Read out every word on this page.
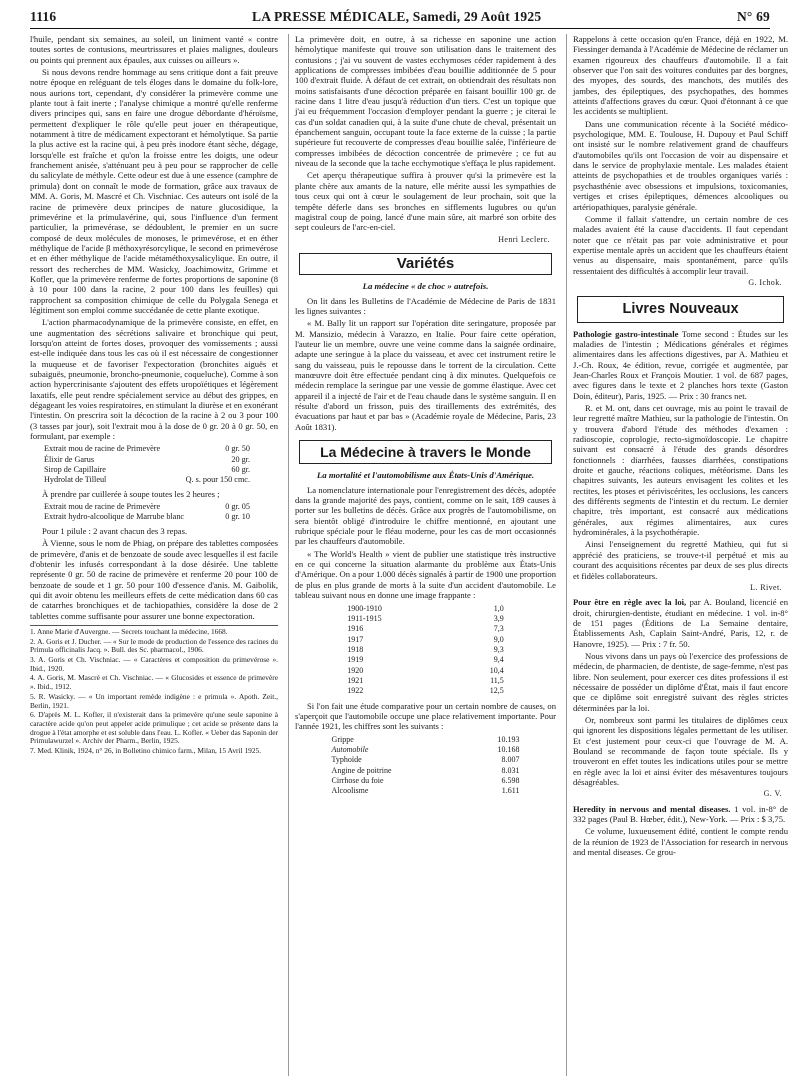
1116	LA PRESSE MÉDICALE, Samedi, 29 Août 1925	N° 69

l'huile, pendant six semaines, au soleil, un liniment vanté « contre toutes sortes de contusions, meurtrissures et plaies malignes, douleurs ou points qui prennent aux épaules, aux cuisses ou ailleurs ».

Si nous devons rendre hommage au sens critique dont a fait preuve notre époque en reléguant de tels éloges dans le domaine du folk-lore, nous aurions tort, cependant, d'y considérer la primevère comme une plante tout à fait inerte ; l'analyse chimique a montré qu'elle renferme divers principes qui, sans en faire une drogue débordante d'héroïsme, permettent d'expliquer le rôle qu'elle peut jouer en thérapeutique, notamment à titre de médicament expectorant et hémolytique. Sa partie la plus active est la racine qui, à peu près inodore étant sèche, dégage, lorsqu'elle est fraîche et qu'on la froisse entre les doigts, une odeur franchement anisée, s'atténuant peu à peu pour se rapprocher de celle du salicylate de méthyle. Cette odeur est due à une essence (camphre de primula) dont on connaît le mode de formation, grâce aux travaux de MM. A. Goris, M. Mascré et Ch. Vischniac. Ces auteurs ont isolé de la racine de primevère deux principes de nature glucosidique, la primevérine et la primulavérine, qui, sous l'influence d'un ferment particulier, la primevérase, se dédoublent, le premier en un sucre composé de deux molécules de monoses, le primevérose, et en éther méthylique de l'acide β méthoxyrésorcylique, le second en primevérose et en éther méthylique de l'acide métaméthoxysalicylique. En outre, il ressort des recherches de MM. Wasicky, Joachimowitz, Grimme et Kofler, que la primevère renferme de fortes proportions de saponine (8 à 10 pour 100 dans la racine, 2 pour 100 dans les feuilles) qui rapprochent sa composition chimique de celle du Polygala Senega et légitiment son emploi comme succédanée de cette plante exotique.

L'action pharmacodynamique de la primevère consiste, en effet, en une augmentation des sécrétions salivaire et bronchique qui peut, lorsqu'on atteint de fortes doses, provoquer des vomissements ; aussi est-elle indiquée dans tous les cas où il est nécessaire de congestionner la muqueuse et de favoriser l'expectoration (bronchites aiguës et subaiguës, pneumonie, broncho-pneumonie, coqueluche). Comme à son action hypercrinisante s'ajoutent des effets uropoïétiques et légèrement laxatifs, elle peut rendre spécialement service au début des grippes, en dégageant les voies respiratoires, en stimulant la diurèse et en exonérant l'intestin. On prescrira soit la décoction de la racine à 2 ou 3 pour 100 (3 tasses par jour), soit l'extrait mou à la dose de 0 gr. 20 à 0 gr. 50, en formulant, par exemple :

Extrait mou de racine de Primevère	0 gr. 50
Élixir de Garus	20 gr.
Sirop de Capillaire	60 gr.
Hydrolat de Tilleul	Q. s. pour 150 cmc.

À prendre par cuillerée à soupe toutes les 2 heures ;

Extrait mou de racine de Primevère	0 gr. 05
Extrait hydro-alcoolique de Marrube blanc	0 gr. 10

Pour 1 pilule : 2 avant chacun des 3 repas.

À Vienne, sous le nom de Phiag, on prépare des tablettes composées de primevère, d'anis et de benzoate de soude avec lesquelles il est facile d'obtenir les infusés correspondant à la dose désirée. Une tablette représente 0 gr. 50 de racine de primevère et renferme 20 pour 100 de benzoate de soude et 1 gr. 50 pour 100 d'essence d'anis. M. Gaibolik, qui dit avoir obtenu les meilleurs effets de cette médication dans 60 cas de catarrhes bronchiques et de tachiopathies, considère la dose de 2 tablettes comme suffisante pour assurer une bonne expectoration.

1. Anne Marie d'Auvergne. — Secrets touchant la médecine, 1668.
2. A. Goris et J. Ducher. — « Sur le mode de production de l'essence des racines du Primula officinalis Jacq. ». Bull. des Sc. pharmacol., 1906.
3. A. Goris et Ch. Vischniac. — « Caractères et composition du primevérose ». Ibid., 1920.
4. A. Goris, M. Mascré et Ch. Vischniac. — « Glucosides et essence de primevère ». Ibid., 1912.
5. R. Wasicky. — « Un important remède indigène : e primula ». Apoth. Zeit., Berlin, 1921.
6. D'après M. L. Kofler, il n'existerait dans la primevère qu'une seule saponine à caractère acide qu'on peut appeler acide primulique ; cet acide se présente dans la drogue à l'état amorphe et est soluble dans l'eau. L. Kofler. « Ueber das Saponin der Primulawurzel ». Archiv der Pharm., Berlin, 1925.
7. Med. Klinik, 1924, n° 26, in Bolletino chimico farm., Milan, 15 Avril 1925.

La primevère doit, en outre, à sa richesse en saponine une action hémolytique manifeste qui trouve son utilisation dans le traitement des contusions ; j'ai vu souvent de vastes ecchymoses céder rapidement à des applications de compresses imbibées d'eau bouillie additionnée de 5 pour 100 d'extrait fluide. À défaut de cet extrait, on obtiendrait des résultats non moins satisfaisants d'une décoction préparée en faisant bouillir 100 gr. de racine dans 1 litre d'eau jusqu'à réduction d'un tiers. C'est un topique que j'ai eu fréquemment l'occasion d'employer pendant la guerre ; je citerai le cas d'un soldat canadien qui, à la suite d'une chute de cheval, présentait un épanchement sanguin, occupant toute la face externe de la cuisse ; la partie supérieure fut recouverte de compresses d'eau bouillie salée, l'inférieure de compresses imbibées de décoction concentrée de primevère ; ce fut au niveau de la seconde que la tache ecchymotique s'effaça le plus rapidement.

Cet aperçu thérapeutique suffira à prouver qu'si la primevère est la plante chère aux amants de la nature, elle mérite aussi les sympathies de tous ceux qui ont à cœur le soulagement de leur prochain, soit que la tempête déferle dans ses bronches en sifflements lugubres ou qu'un magistral coup de poing, lancé d'une main sûre, ait marbré son orbite des sept couleurs de l'arc-en-ciel.

Henri Leclerc.
Variétés
La médecine « de choc » autrefois.

On lit dans les Bulletins de l'Académie de Médecine de Paris de 1831 les lignes suivantes :

« M. Bally lit un rapport sur l'opération dite seringature, proposée par M. Mansizio, médecin à Varazzo, en Italie. Pour faire cette opération, l'auteur lie un membre, ouvre une veine comme dans la saignée ordinaire, adapte une seringue à la place du vaisseau, et avec cet instrument retire le sang du vaisseau, puis le repousse dans le torrent de la circulation. Cette manœuvre doit être effectuée pendant cinq à dix minutes. Quelquefois ce médecin remplace la seringue par une vessie de gomme élastique. Avec cet appareil il a injecté de l'air et de l'eau chaude dans le système sanguin. Il en résulte d'abord un frisson, puis des tiraillements des extrémités, des évacuations par haut et par bas » (Académie royale de Médecine, Paris, 23 Août 1831).

La Médecine à travers le Monde
La mortalité et l'automobilisme aux États-Unis d'Amérique.

La nomenclature internationale pour l'enregistrement des décès, adoptée dans la grande majorité des pays, contient, comme on le sait, 189 causes à porter sur les bulletins de décès. Grâce aux progrès de l'automobilisme, on sera bientôt obligé d'introduire le chiffre mentionné, en ajoutant une rubrique spéciale pour le fléau moderne, pour les cas de mort occasionnés par les chauffeurs d'automobile.

« The World's Health » vient de publier une statistique très instructive en ce qui concerne la situation alarmante du problème aux États-Unis d'Amérique. On a pour 1.000 décès signalés à partir de 1900 une proportion de plus en plus grande de morts à la suite d'un accident d'automobile. Le tableau suivant nous en donne une image frappante :

1900-1910	1,0
1911-1915	3,9
1916	7,3
1917	9,0
1918	9,3
1919	9,4
1920	10,4
1921	11,5
1922	12,5

Si l'on fait une étude comparative pour un certain nombre de causes, on s'aperçoit que l'automobile occupe une place relativement importante. Pour l'année 1921, les chiffres sont les suivants :

Grippe	10.193
Automobile	10.168
Typhoïde	8.007
Angine de poitrine	8.031
Cirrhose du foie	6.598
Alcoolisme	1.611

Rappelons à cette occasion qu'en France, déjà en 1922, M. Fiessinger demanda à l'Académie de Médecine de réclamer un examen rigoureux des chauffeurs d'automobile. Il a fait observer que l'on sait des voitures conduites par des borgnes, des myopes, des sourds, des manchots, des mutilés des jambes, des épileptiques, des psychopathes, des hommes atteints d'affections graves du cœur. Quoi d'étonnant à ce que les accidents se multiplient.

Dans une communication récente à la Société médico-psychologique, MM. E. Toulouse, H. Dupouy et Paul Schiff ont insisté sur le nombre relativement grand de chauffeurs d'automobiles qu'ils ont l'occasion de voir au dispensaire et dans le service de prophylaxie mentale. Les malades étaient atteints de psychopathies et de troubles organiques variés : psychasthénie avec obsessions et impulsions, toxicomanies, vertiges et crises épileptiques, démences alcooliques ou artériopathiques, paralysie générale.

Comme il fallait s'attendre, un certain nombre de ces malades avaient été la cause d'accidents. Il faut cependant noter que ce n'était pas par voie administrative et pour expertise mentale après un accident que les chauffeurs étaient venus au dispensaire, mais spontanément, parce qu'ils ressentaient des difficultés à accomplir leur travail.

G. Ichok.
Livres Nouveaux

Pathologie gastro-intestinale Tome second : Études sur les maladies de l'intestin ; Médications générales et régimes alimentaires dans les affections digestives, par A. Mathieu et J.-Ch. Roux, 4e édition, revue, corrigée et augmentée, par Jean-Charles Roux et François Moutier. 1 vol. de 687 pages, avec figures dans le texte et 2 planches hors texte (Gaston Doin, éditeur), Paris, 1925. — Prix : 30 francs net.

R. et M. ont, dans cet ouvrage, mis au point le travail de leur regretté maître Mathieu, sur la pathologie de l'intestin. On y trouvera d'abord l'étude des méthodes d'examen : radioscopie, coprologie, recto-sigmoïdoscopie. Le chapitre suivant est consacré à l'étude des grands désordres fonctionnels : diarrhées, fausses diarrhées, constipations droite et gauche, réactions coliques, météorisme. Dans les chapitres suivants, les auteurs envisagent les colites et les rectites, les ptoses et périviscérites, les occlusions, les cancers des différents segments de l'intestin et du rectum. Le dernier chapitre, très important, est consacré aux médications générales, aux régimes alimentaires, aux cures hydrominérales, à la psychothérapie.

Ainsi l'enseignement du regretté Mathieu, qui fut si apprécié des praticiens, se trouve-t-il perpétué et mis au courant des acquisitions récentes par deux de ses plus directs et fidèles collaborateurs.

L. Rivet.

Pour être en règle avec la loi, par A. Bouland, licencié en droit, chirurgien-dentiste, étudiant en médecine. 1 vol. in-8° de 151 pages (Éditions de La Semaine dentaire, Établissements Ash, Caplain Saint-André, Paris, 12, r. de Hanovre, 1925). — Prix : 7 fr. 50.

Nous vivons dans un pays où l'exercice des professions de médecin, de pharmacien, de dentiste, de sage-femme, n'est pas libre. Non seulement, pour exercer ces dites professions il est nécessaire de posséder un diplôme d'État, mais il faut encore que ce diplôme soit enregistré suivant des règles strictes déterminées par la loi.

Or, nombreux sont parmi les titulaires de diplômes ceux qui ignorent les dispositions légales permettant de les utiliser. Et c'est justement pour ceux-ci que l'ouvrage de M. A. Bouland se recommande de façon toute spéciale. Ils y trouveront en effet toutes les indications utiles pour se mettre en règle avec la loi et ainsi éviter des mésaventures toujours désagréables.

G. V.

Heredity in nervous and mental diseases. 1 vol. in-8° de 332 pages (Paul B. Hœber, édit.), New-York. — Prix : $ 3,75.

Ce volume, luxueusement édité, contient le compte rendu de la réunion de 1923 de l'Association for research in nervous and mental diseases. Ce grou-
